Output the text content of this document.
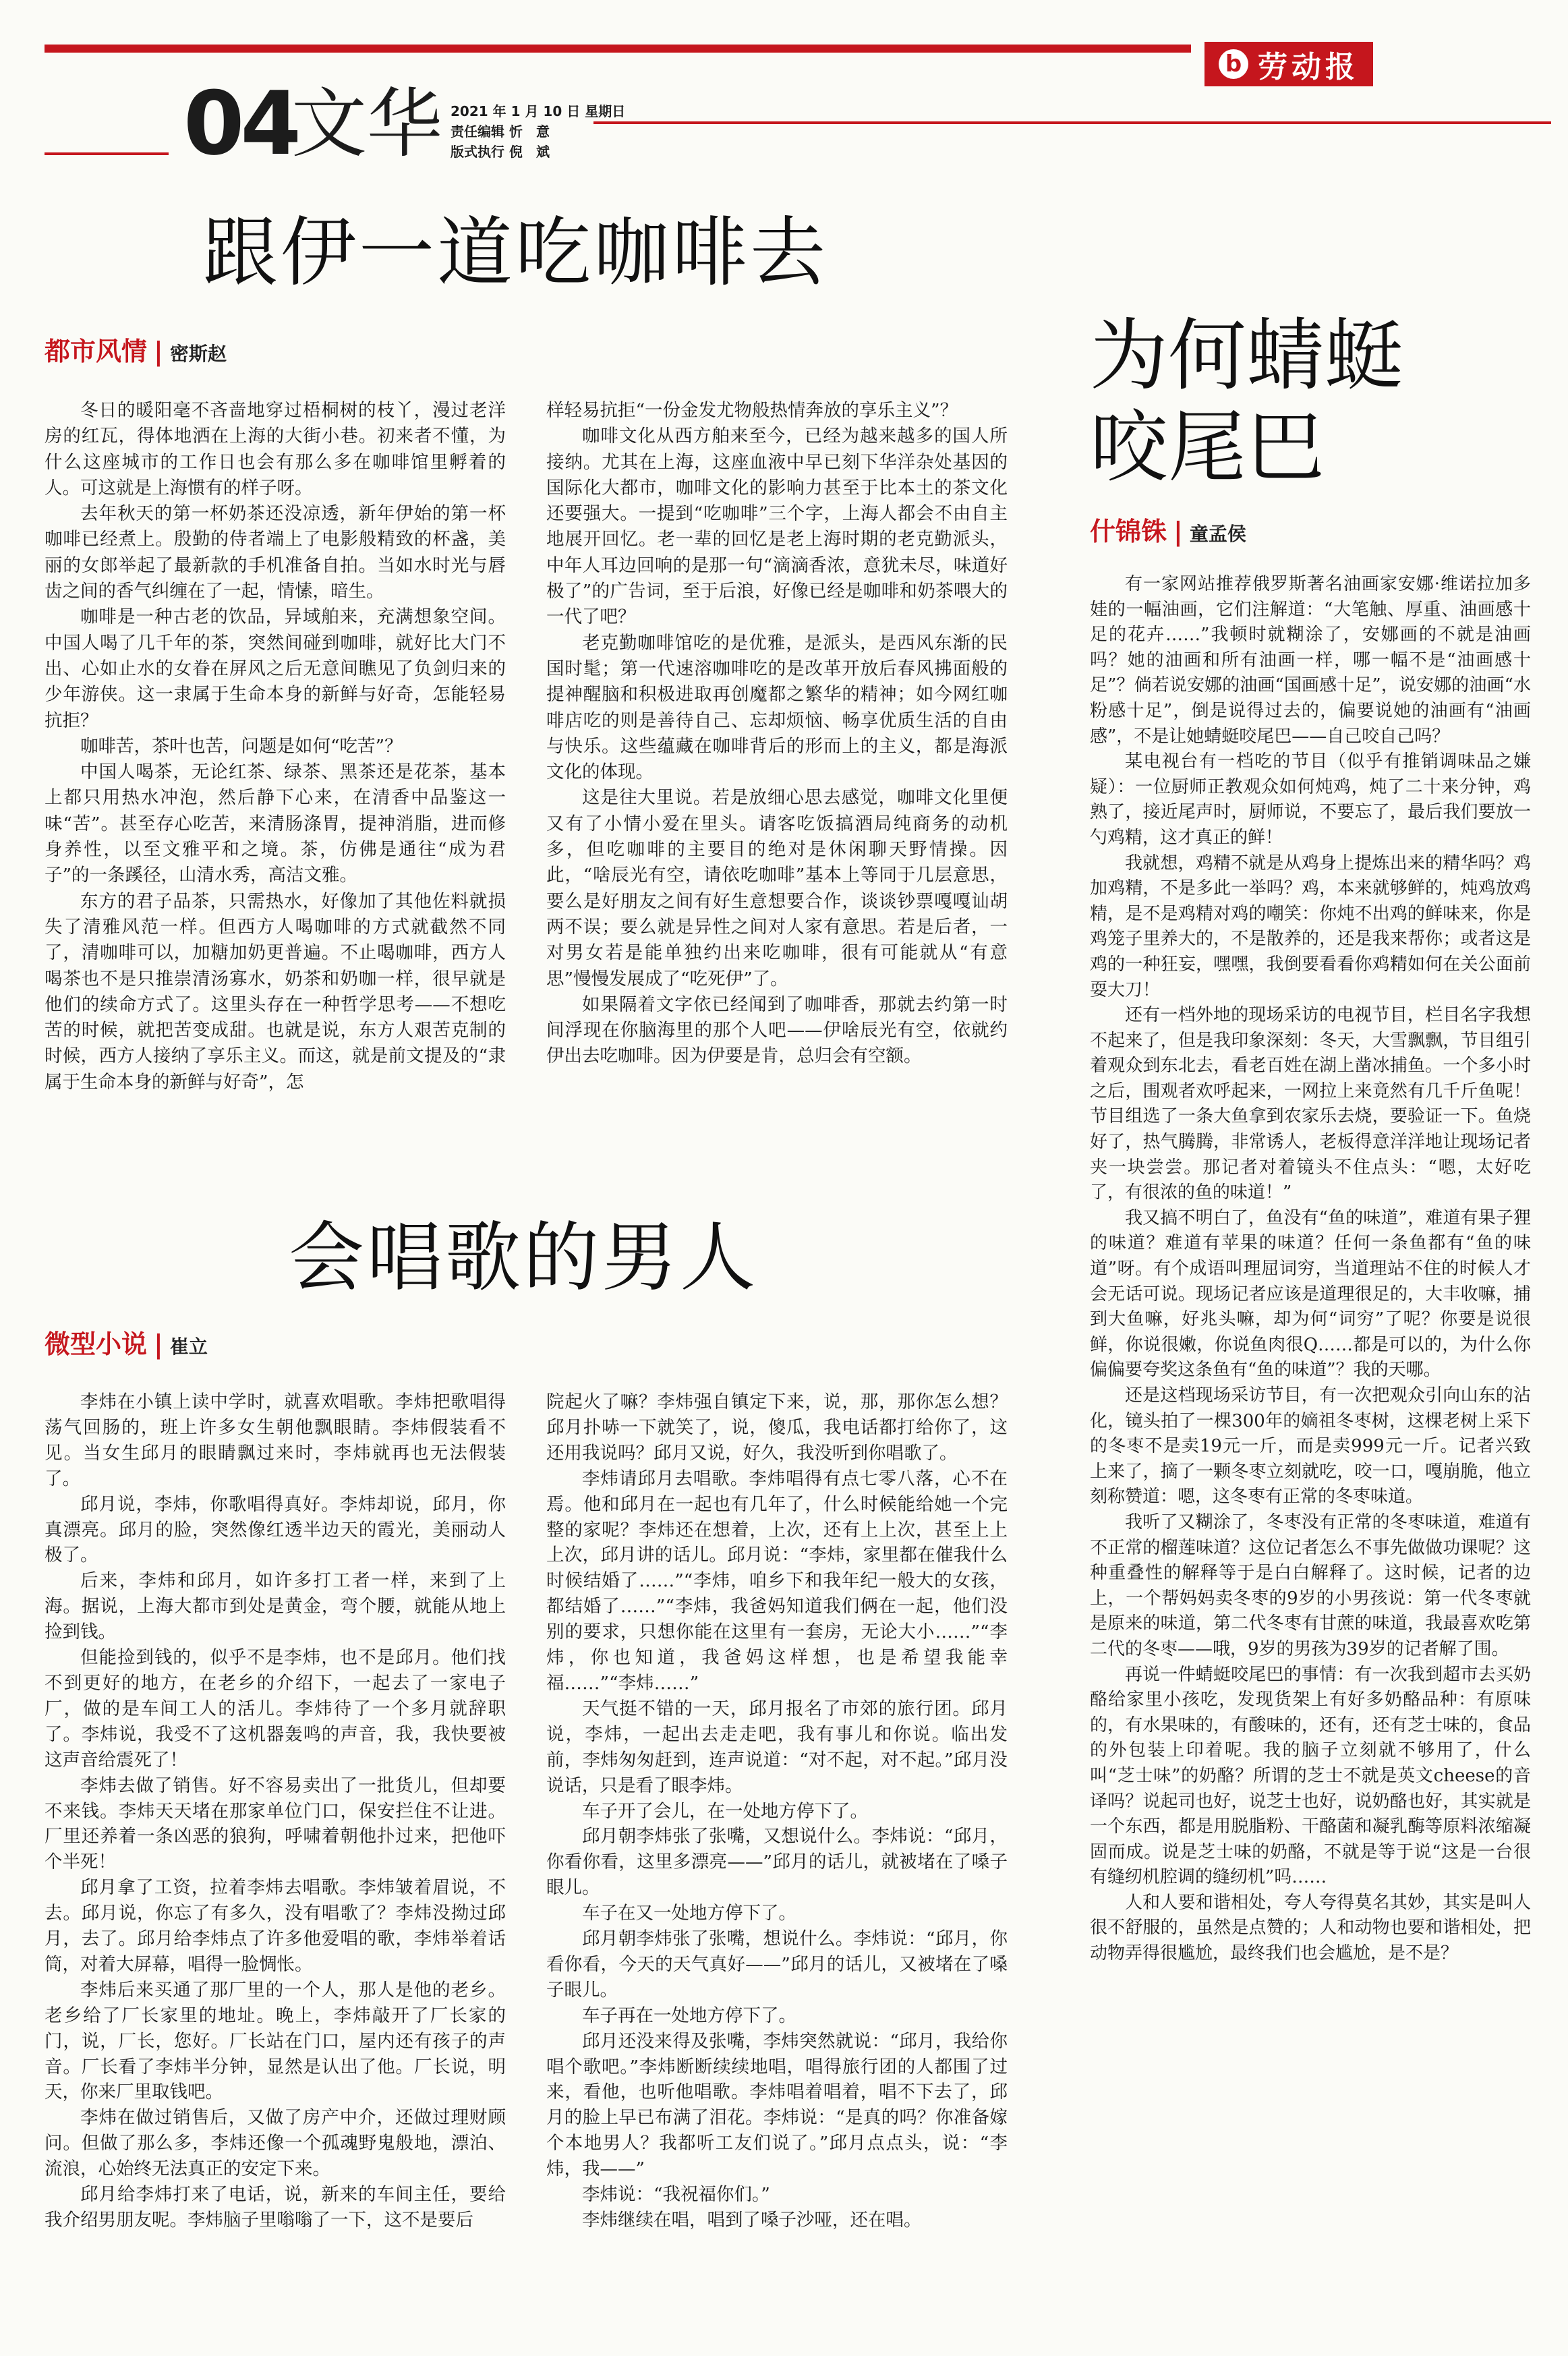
b 劳动报
04
文华 2021 年 1 月 10 日 星期日
责任编辑 忻　意
版式执行 倪　斌
跟伊一道吃咖啡去
都市风情 | 密斯赵

冬日的暖阳毫不吝啬地穿过梧桐树的枝丫，漫过老洋房的红瓦，得体地洒在上海的大街小巷。初来者不懂，为什么这座城市的工作日也会有那么多在咖啡馆里孵着的人。可这就是上海惯有的样子呀。

去年秋天的第一杯奶茶还没凉透，新年伊始的第一杯咖啡已经煮上。殷勤的侍者端上了电影般精致的杯盏，美丽的女郎举起了最新款的手机准备自拍。当如水时光与唇齿之间的香气纠缠在了一起，情愫，暗生。

咖啡是一种古老的饮品，异域舶来，充满想象空间。中国人喝了几千年的茶，突然间碰到咖啡，就好比大门不出、心如止水的女眷在屏风之后无意间瞧见了负剑归来的少年游侠。这一隶属于生命本身的新鲜与好奇，怎能轻易抗拒？

咖啡苦，茶叶也苦，问题是如何“吃苦”？

中国人喝茶，无论红茶、绿茶、黑茶还是花茶，基本上都只用热水冲泡，然后静下心来，在清香中品鉴这一味“苦”。甚至存心吃苦，来清肠涤胃，提神消脂，进而修身养性，以至文雅平和之境。茶，仿佛是通往“成为君子”的一条蹊径，山清水秀，高洁文雅。

东方的君子品茶，只需热水，好像加了其他佐料就损失了清雅风范一样。但西方人喝咖啡的方式就截然不同了，清咖啡可以，加糖加奶更普遍。不止喝咖啡，西方人喝茶也不是只推崇清汤寡水，奶茶和奶咖一样，很早就是他们的续命方式了。这里头存在一种哲学思考——不想吃苦的时候，就把苦变成甜。也就是说，东方人艰苦克制的时候，西方人接纳了享乐主义。而这，就是前文提及的“隶属于生命本身的新鲜与好奇”，怎

样轻易抗拒“一份金发尤物般热情奔放的享乐主义”？

咖啡文化从西方舶来至今，已经为越来越多的国人所接纳。尤其在上海，这座血液中早已刻下华洋杂处基因的国际化大都市，咖啡文化的影响力甚至于比本土的茶文化还要强大。一提到“吃咖啡”三个字，上海人都会不由自主地展开回忆。老一辈的回忆是老上海时期的老克勤派头，中年人耳边回响的是那一句“滴滴香浓，意犹未尽，味道好极了”的广告词，至于后浪，好像已经是咖啡和奶茶喂大的一代了吧？

老克勤咖啡馆吃的是优雅，是派头，是西风东渐的民国时髦；第一代速溶咖啡吃的是改革开放后春风拂面般的提神醒脑和积极进取再创魔都之繁华的精神；如今网红咖啡店吃的则是善待自己、忘却烦恼、畅享优质生活的自由与快乐。这些蕴藏在咖啡背后的形而上的主义，都是海派文化的体现。

这是往大里说。若是放细心思去感觉，咖啡文化里便又有了小情小爱在里头。请客吃饭搞酒局纯商务的动机多，但吃咖啡的主要目的绝对是休闲聊天野情操。因此，“啥辰光有空，请依吃咖啡”基本上等同于几层意思，要么是好朋友之间有好生意想要合作，谈谈钞票嘎嘎讪胡两不误；要么就是异性之间对人家有意思。若是后者，一对男女若是能单独约出来吃咖啡，很有可能就从“有意思”慢慢发展成了“吃死伊”了。

如果隔着文字依已经闻到了咖啡香，那就去约第一时间浮现在你脑海里的那个人吧——伊啥辰光有空，依就约伊出去吃咖啡。因为伊要是肯，总归会有空额。

为何蜻蜓
咬尾巴
什锦铢 | 童孟侯

有一家网站推荐俄罗斯著名油画家安娜·维诺拉加多娃的一幅油画，它们注解道：“大笔触、厚重、油画感十足的花卉……”我顿时就糊涂了，安娜画的不就是油画吗？她的油画和所有油画一样，哪一幅不是“油画感十足”？倘若说安娜的油画“国画感十足”，说安娜的油画“水粉感十足”，倒是说得过去的，偏要说她的油画有“油画感”，不是让她蜻蜓咬尾巴——自己咬自己吗？

某电视台有一档吃的节目（似乎有推销调味品之嫌疑）：一位厨师正教观众如何炖鸡，炖了二十来分钟，鸡熟了，接近尾声时，厨师说，不要忘了，最后我们要放一勺鸡精，这才真正的鲜！

我就想，鸡精不就是从鸡身上提炼出来的精华吗？鸡加鸡精，不是多此一举吗？鸡，本来就够鲜的，炖鸡放鸡精，是不是鸡精对鸡的嘲笑：你炖不出鸡的鲜味来，你是鸡笼子里养大的，不是散养的，还是我来帮你；或者这是鸡的一种狂妄，嘿嘿，我倒要看看你鸡精如何在关公面前耍大刀！

还有一档外地的现场采访的电视节目，栏目名字我想不起来了，但是我印象深刻：冬天，大雪飘飘，节目组引着观众到东北去，看老百姓在湖上凿冰捕鱼。一个多小时之后，围观者欢呼起来，一网拉上来竟然有几千斤鱼呢！节目组选了一条大鱼拿到农家乐去烧，要验证一下。鱼烧好了，热气腾腾，非常诱人，老板得意洋洋地让现场记者夹一块尝尝。那记者对着镜头不住点头：“嗯，太好吃了，有很浓的鱼的味道！”

我又搞不明白了，鱼没有“鱼的味道”，难道有果子狸的味道？难道有苹果的味道？任何一条鱼都有“鱼的味道”呀。有个成语叫理屈词穷，当道理站不住的时候人才会无话可说。现场记者应该是道理很足的，大丰收嘛，捕到大鱼嘛，好兆头嘛，却为何“词穷”了呢？你要是说很鲜，你说很嫩，你说鱼肉很Q……都是可以的，为什么你偏偏要夸奖这条鱼有“鱼的味道”？我的天哪。

还是这档现场采访节目，有一次把观众引向山东的沾化，镜头拍了一棵300年的嫡祖冬枣树，这棵老树上采下的冬枣不是卖19元一斤，而是卖999元一斤。记者兴致上来了，摘了一颗冬枣立刻就吃，咬一口，嘎崩脆，他立刻称赞道：嗯，这冬枣有正常的冬枣味道。

我听了又糊涂了，冬枣没有正常的冬枣味道，难道有不正常的榴莲味道？这位记者怎么不事先做做功课呢？这种重叠性的解释等于是白白解释了。这时候，记者的边上，一个帮妈妈卖冬枣的9岁的小男孩说：第一代冬枣就是原来的味道，第二代冬枣有甘蔗的味道，我最喜欢吃第二代的冬枣——哦，9岁的男孩为39岁的记者解了围。

再说一件蜻蜓咬尾巴的事情：有一次我到超市去买奶酪给家里小孩吃，发现货架上有好多奶酪品种：有原味的，有水果味的，有酸味的，还有，还有芝士味的，食品的外包装上印着呢。我的脑子立刻就不够用了，什么叫“芝士味”的奶酪？所谓的芝士不就是英文cheese的音译吗？说起司也好，说芝士也好，说奶酪也好，其实就是一个东西，都是用脱脂粉、干酪菌和凝乳酶等原料浓缩凝固而成。说是芝士味的奶酪，不就是等于说“这是一台很有缝纫机腔调的缝纫机”吗……

人和人要和谐相处，夸人夸得莫名其妙，其实是叫人很不舒服的，虽然是点赞的；人和动物也要和谐相处，把动物弄得很尴尬，最终我们也会尴尬，是不是？

会唱歌的男人
微型小说 | 崔立

李炜在小镇上读中学时，就喜欢唱歌。李炜把歌唱得荡气回肠的，班上许多女生朝他飘眼睛。李炜假装看不见。当女生邱月的眼睛飘过来时，李炜就再也无法假装了。

邱月说，李炜，你歌唱得真好。李炜却说，邱月，你真漂亮。邱月的脸，突然像红透半边天的霞光，美丽动人极了。

后来，李炜和邱月，如许多打工者一样，来到了上海。据说，上海大都市到处是黄金，弯个腰，就能从地上捡到钱。

但能捡到钱的，似乎不是李炜，也不是邱月。他们找不到更好的地方，在老乡的介绍下，一起去了一家电子厂，做的是车间工人的活儿。李炜待了一个多月就辞职了。李炜说，我受不了这机器轰鸣的声音，我，我快要被这声音给震死了！

李炜去做了销售。好不容易卖出了一批货儿，但却要不来钱。李炜天天堵在那家单位门口，保安拦住不让进。厂里还养着一条凶恶的狼狗，呼啸着朝他扑过来，把他吓个半死！

邱月拿了工资，拉着李炜去唱歌。李炜皱着眉说，不去。邱月说，你忘了有多久，没有唱歌了？李炜没拗过邱月，去了。邱月给李炜点了许多他爱唱的歌，李炜举着话筒，对着大屏幕，唱得一脸惆怅。

李炜后来买通了那厂里的一个人，那人是他的老乡。老乡给了厂长家里的地址。晚上，李炜敲开了厂长家的门，说，厂长，您好。厂长站在门口，屋内还有孩子的声音。厂长看了李炜半分钟，显然是认出了他。厂长说，明天，你来厂里取钱吧。

李炜在做过销售后，又做了房产中介，还做过理财顾问。但做了那么多，李炜还像一个孤魂野鬼般地，漂泊、流浪，心始终无法真正的安定下来。

邱月给李炜打来了电话，说，新来的车间主任，要给我介绍男朋友呢。李炜脑子里嗡嗡了一下，这不是要后

院起火了嘛？李炜强自镇定下来，说，那，那你怎么想？邱月扑哧一下就笑了，说，傻瓜，我电话都打给你了，这还用我说吗？邱月又说，好久，我没听到你唱歌了。

李炜请邱月去唱歌。李炜唱得有点七零八落，心不在焉。他和邱月在一起也有几年了，什么时候能给她一个完整的家呢？李炜还在想着，上次，还有上上次，甚至上上上次，邱月讲的话儿。邱月说：“李炜，家里都在催我什么时候结婚了……”“李炜，咱乡下和我年纪一般大的女孩，都结婚了……”“李炜，我爸妈知道我们俩在一起，他们没别的要求，只想你能在这里有一套房，无论大小……”“李炜，你也知道，我爸妈这样想，也是希望我能幸福……”“李炜……”

天气挺不错的一天，邱月报名了市郊的旅行团。邱月说，李炜，一起出去走走吧，我有事儿和你说。临出发前，李炜匆匆赶到，连声说道：“对不起，对不起。”邱月没说话，只是看了眼李炜。

车子开了会儿，在一处地方停下了。

邱月朝李炜张了张嘴，又想说什么。李炜说：“邱月，你看你看，这里多漂亮——”邱月的话儿，就被堵在了嗓子眼儿。

车子在又一处地方停下了。

邱月朝李炜张了张嘴，想说什么。李炜说：“邱月，你看你看，今天的天气真好——”邱月的话儿，又被堵在了嗓子眼儿。

车子再在一处地方停下了。

邱月还没来得及张嘴，李炜突然就说：“邱月，我给你唱个歌吧。”李炜断断续续地唱，唱得旅行团的人都围了过来，看他，也听他唱歌。李炜唱着唱着，唱不下去了，邱月的脸上早已布满了泪花。李炜说：“是真的吗？你准备嫁个本地男人？我都听工友们说了。”邱月点点头，说：“李炜，我——”

李炜说：“我祝福你们。”

李炜继续在唱，唱到了嗓子沙哑，还在唱。
